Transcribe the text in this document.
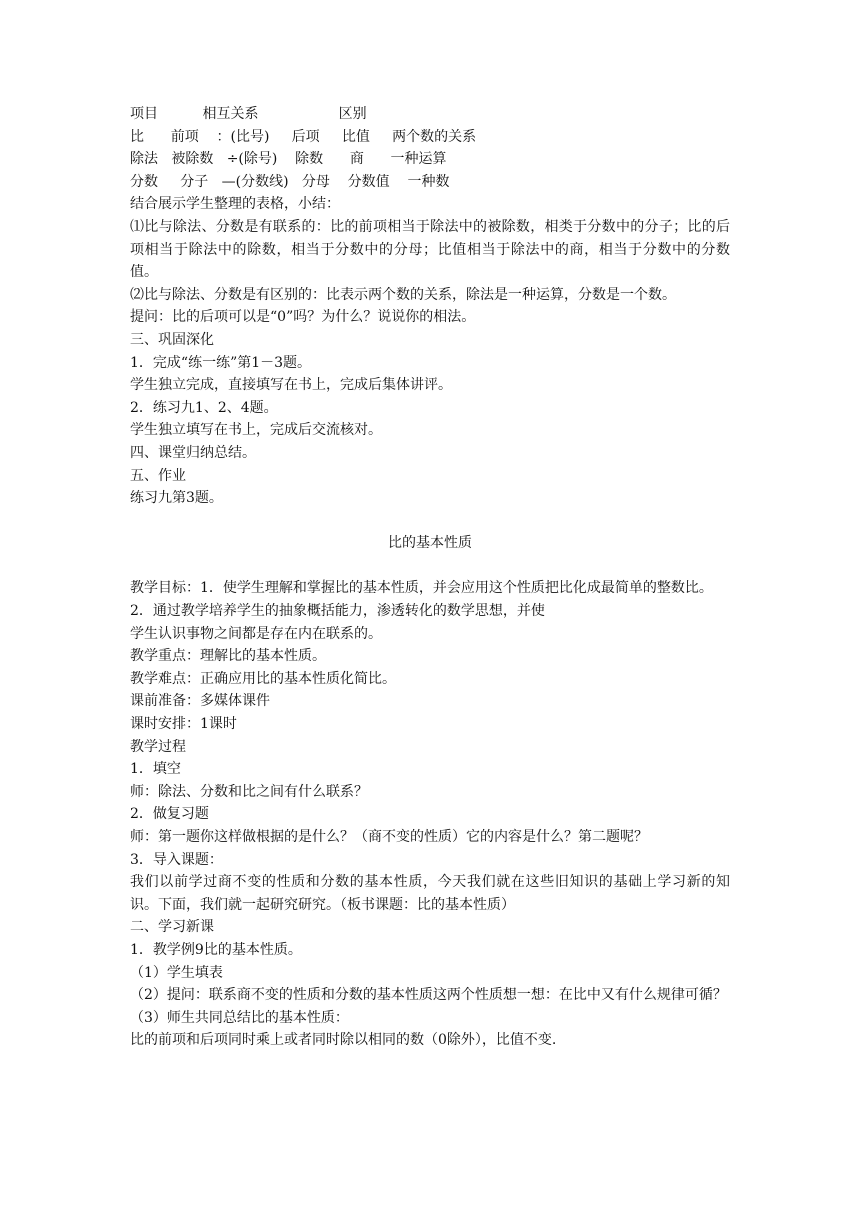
项目          相互关系                  区别

比      前项    ：(比号)     后项     比值     两个数的关系

除法   被除数   ÷(除号)    除数      商      一种运算

分数     分子   —(分数线)   分母    分数值    一种数

结合展示学生整理的表格，小结：

⑴比与除法、分数是有联系的：比的前项相当于除法中的被除数，相类于分数中的分子；比的后项相当于除法中的除数，相当于分数中的分母；比值相当于除法中的商，相当于分数中的分数值。

⑵比与除法、分数是有区别的：比表示两个数的关系，除法是一种运算，分数是一个数。

提问：比的后项可以是“0”吗？为什么？说说你的相法。

三、巩固深化

1．完成“练一练”第1－3题。

学生独立完成，直接填写在书上，完成后集体讲评。

2．练习九1、2、4题。

学生独立填写在书上，完成后交流核对。

四、课堂归纳总结。

五、作业

练习九第3题。

比的基本性质

教学目标：1．使学生理解和掌握比的基本性质，并会应用这个性质把比化成最简单的整数比。

2．通过教学培养学生的抽象概括能力，渗透转化的数学思想，并使

学生认识事物之间都是存在内在联系的。

教学重点：理解比的基本性质。

教学难点：正确应用比的基本性质化简比。

课前准备：多媒体课件

课时安排：1课时

教学过程

1．填空

师：除法、分数和比之间有什么联系？

2．做复习题

师：第一题你这样做根据的是什么？（商不变的性质）它的内容是什么？第二题呢？

3．导入课题：

我们以前学过商不变的性质和分数的基本性质，今天我们就在这些旧知识的基础上学习新的知识。下面，我们就一起研究研究。（板书课题：比的基本性质）

二、学习新课

1．教学例9比的基本性质。

（1）学生填表

（2）提问：联系商不变的性质和分数的基本性质这两个性质想一想：在比中又有什么规律可循？

（3）师生共同总结比的基本性质：

比的前项和后项同时乘上或者同时除以相同的数（0除外），比值不变.
